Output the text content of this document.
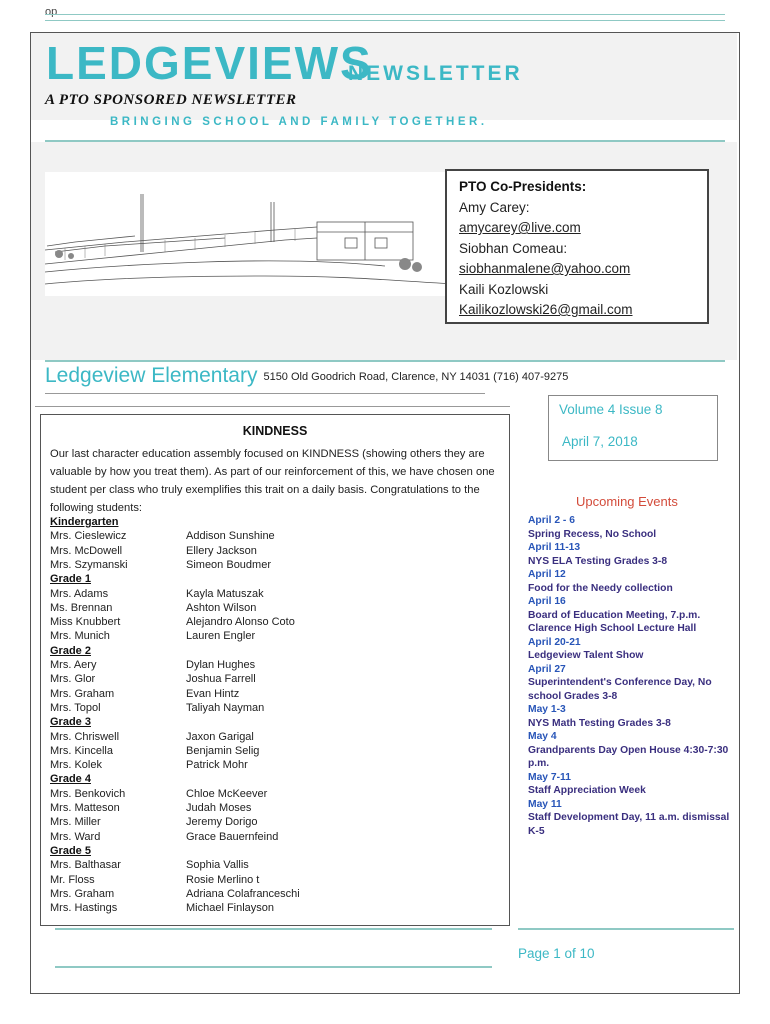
op
LEDGEVIEWS
NEWSLETTER
A PTO SPONSORED NEWSLETTER
BRINGING SCHOOL AND FAMILY TOGETHER.
PTO Co-Presidents:
Amy Carey:
amycarey@live.com
Siobhan Comeau:
siobhanmalene@yahoo.com
Kaili Kozlowski
Kailikozlowski26@gmail.com
Ledgeview Elementary 5150 Old Goodrich Road, Clarence, NY 14031 (716) 407-9275
Volume 4 Issue 8
April 7, 2018
KINDNESS
Our last character education assembly focused on KINDNESS (showing others they are valuable by how you treat them). As part of our reinforcement of this, we have chosen one student per class who truly exemplifies this trait on a daily basis. Congratulations to the following students:
Kindergarten
Mrs. Cieslewicz	Addison Sunshine
Mrs. McDowell	Ellery Jackson
Mrs. Szymanski	Simeon Boudmer
Grade 1
Mrs. Adams	Kayla Matuszak
Ms. Brennan	Ashton Wilson
Miss Knubbert	Alejandro Alonso Coto
Mrs. Munich	Lauren Engler
Grade 2
Mrs. Aery	Dylan Hughes
Mrs. Glor	Joshua Farrell
Mrs. Graham	Evan Hintz
Mrs. Topol	Taliyah Nayman
Grade 3
Mrs. Chriswell	Jaxon Garigal
Mrs. Kincella	Benjamin Selig
Mrs. Kolek	Patrick Mohr
Grade 4
Mrs. Benkovich	Chloe McKeever
Mrs. Matteson	Judah Moses
Mrs. Miller	Jeremy Dorigo
Mrs. Ward	Grace Bauernfeind
Grade 5
Mrs. Balthasar	Sophia Vallis
Mr. Floss	Rosie Merlino t
Mrs. Graham	Adriana Colafranceschi
Mrs. Hastings	Michael Finlayson
Upcoming Events
April 2 - 6
Spring Recess, No School
April 11-13
NYS ELA Testing Grades 3-8
April 12
Food for the Needy collection
April 16
Board of Education Meeting, 7.p.m. Clarence High School Lecture Hall
April 20-21
Ledgeview Talent Show
April 27
Superintendent's Conference Day, No school Grades 3-8
May 1-3
NYS Math Testing Grades 3-8
May 4
Grandparents Day Open House 4:30-7:30 p.m.
May 7-11
Staff Appreciation Week
May 11
Staff Development Day, 11 a.m. dismissal K-5
Page 1 of 10
